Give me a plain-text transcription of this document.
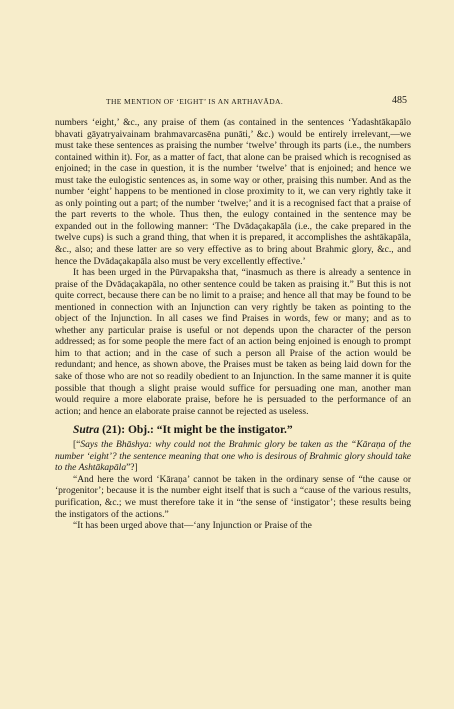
THE MENTION OF ‘EIGHT’ IS AN ARTHAVĀDA.	485

numbers ‘eight,’ &c., any praise of them (as contained in the sentences ‘Yadashtākapālo bhavati gāyatryaivainam brahmavarcasēna punāti,’ &c.) would be entirely irrelevant,—we must take these sentences as praising the number ‘twelve’ through its parts (i.e., the numbers contained within it). For, as a matter of fact, that alone can be praised which is recognised as enjoined; in the case in question, it is the number ‘twelve’ that is enjoined; and hence we must take the eulogistic sentences as, in some way or other, praising this number. And as the number ‘eight’ happens to be mentioned in close proximity to it, we can very rightly take it as only pointing out a part; of the number ‘twelve;’ and it is a recognised fact that a praise of the part reverts to the whole. Thus then, the eulogy contained in the sentence may be expanded out in the following manner: ‘The Dvādaçakapāla (i.e., the cake prepared in the twelve cups) is such a grand thing, that when it is prepared, it accomplishes the ashtākapāla, &c., also; and these latter are so very effective as to bring about Brahmic glory, &c., and hence the Dvādaçakapāla also must be very excellently effective.’

It has been urged in the Pūrvapaksha that, “inasmuch as there is already a sentence in praise of the Dvādaçakapāla, no other sentence could be taken as praising it.” But this is not quite correct, because there can be no limit to a praise; and hence all that may be found to be mentioned in connection with an Injunction can very rightly be taken as pointing to the object of the Injunction. In all cases we find Praises in words, few or many; and as to whether any particular praise is useful or not depends upon the character of the person addressed; as for some people the mere fact of an action being enjoined is enough to prompt him to that action; and in the case of such a person all Praise of the action would be redundant; and hence, as shown above, the Praises must be taken as being laid down for the sake of those who are not so readily obedient to an Injunction. In the same manner it is quite possible that though a slight praise would suffice for persuading one man, another man would require a more elaborate praise, before he is persuaded to the performance of an action; and hence an elaborate praise cannot be rejected as useless.

Sutra (21): Obj.: “It might be the instigator.”

[“Says the Bhāshya: why could not the Brahmic glory be taken as the “Kāraṇa of the number ‘eight’? the sentence meaning that one who is desirous of Brahmic glory should take to the Ashtākapāla”?]

“And here the word ‘Kāraṇa’ cannot be taken in the ordinary sense of “the cause or ‘progenitor’; because it is the number eight itself that is such a “cause of the various results, purification, &c.; we must therefore take it in “the sense of ‘instigator’; these results being the instigators of the actions.”

“It has been urged above that—‘any Injunction or Praise of the
